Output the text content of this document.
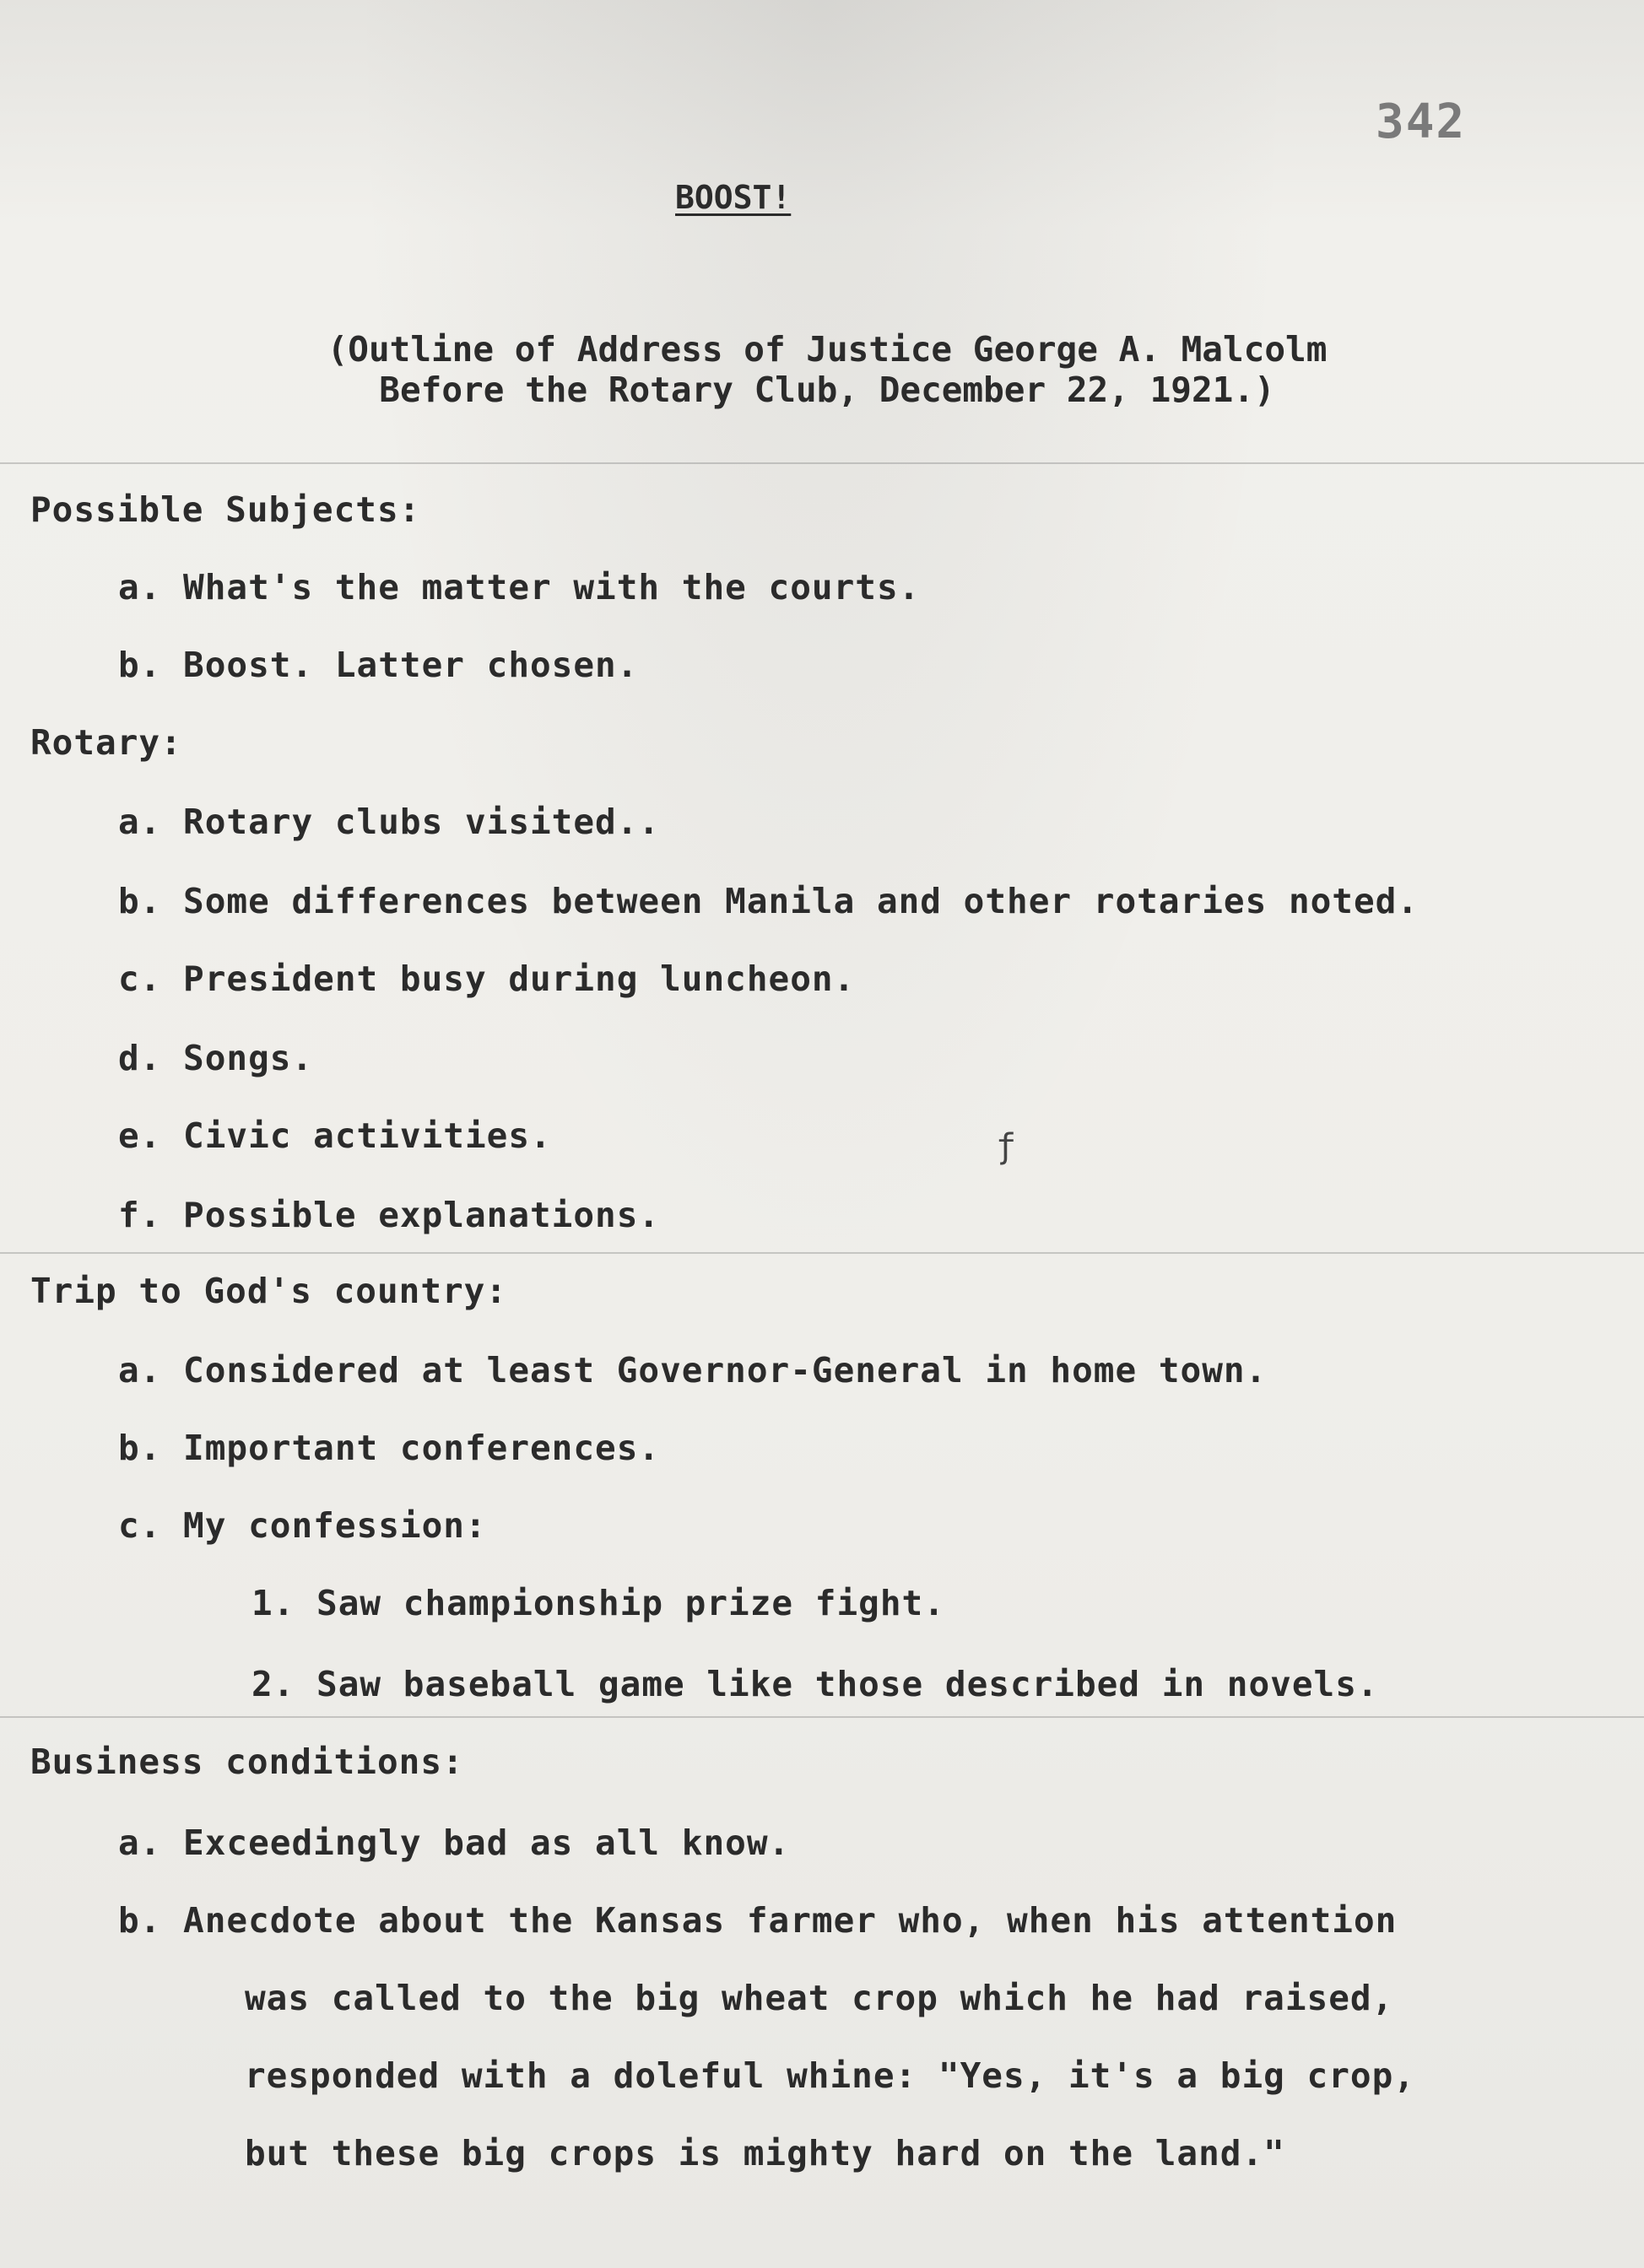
342
BOOST!
(Outline of Address of Justice George A. Malcolm
Before the Rotary Club, December 22, 1921.)
Possible Subjects:
a. What's the matter with the courts.
b. Boost. Latter chosen.
Rotary:
a. Rotary clubs visited..
b. Some differences between Manila and other rotaries noted.
c. President busy during luncheon.
d. Songs.
e. Civic activities.
f. Possible explanations.
ƒ
Trip to God's country:
a. Considered at least Governor-General in home town.
b. Important conferences.
c. My confession:
1. Saw championship prize fight.
2. Saw baseball game like those described in novels.
Business conditions:
a. Exceedingly bad as all know.
b. Anecdote about the Kansas farmer who, when his attention
was called to the big wheat crop which he had raised,
responded with a doleful whine: "Yes, it's a big crop,
but these big crops is mighty hard on the land."
